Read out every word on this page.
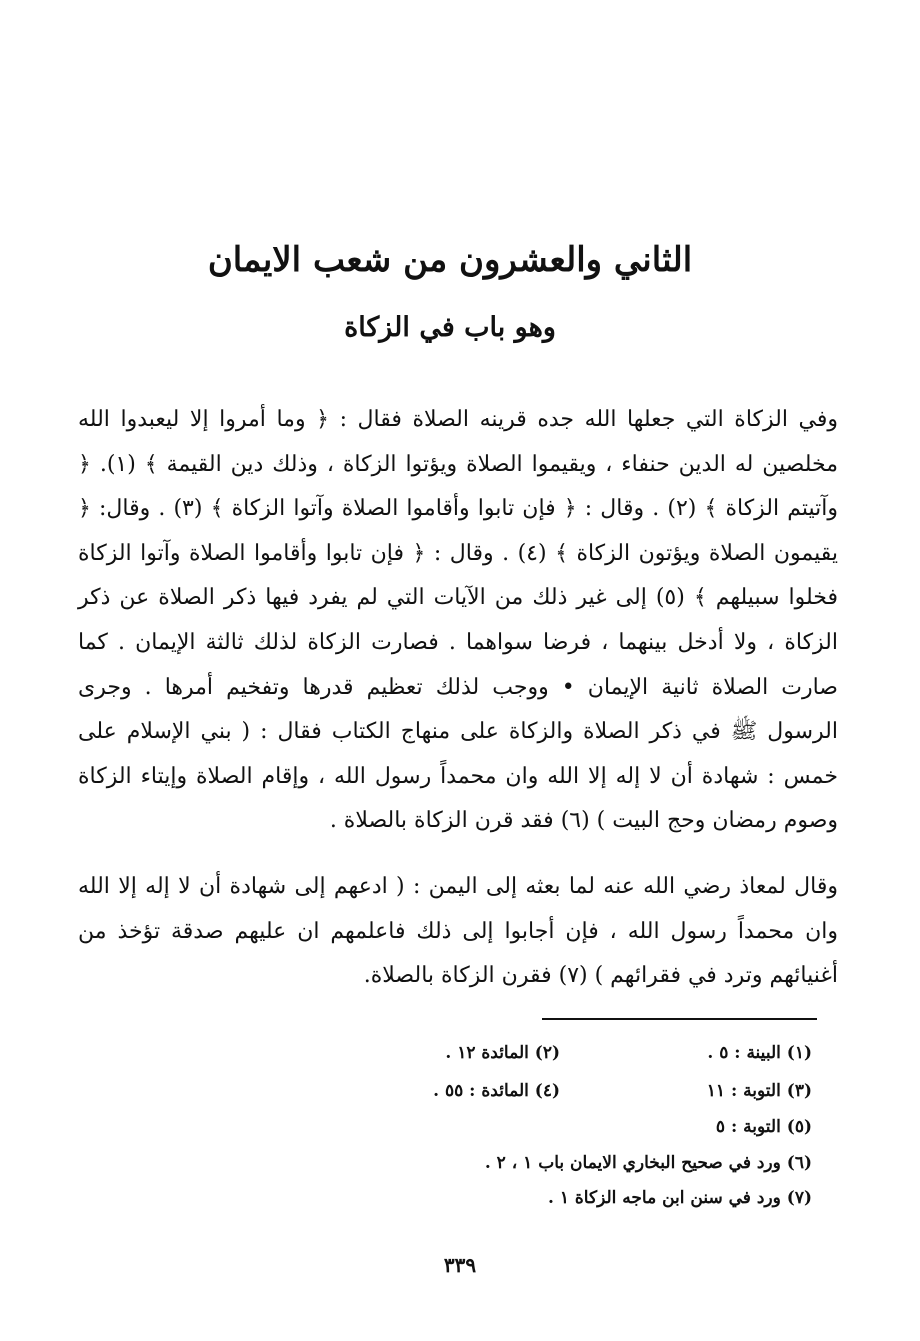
الثاني والعشرون من شعب الايمان
وهو باب في الزكاة

وفي الزكاة التي جعلها الله جده قرينه الصلاة فقال : ﴿ وما أمروا إلا ليعبدوا الله مخلصين له الدين حنفاء ، ويقيموا الصلاة ويؤتوا الزكاة ، وذلك دين القيمة ﴾ (١). ﴿ وآتيتم الزكاة ﴾ (٢) . وقال : ﴿ فإن تابوا وأقاموا الصلاة وآتوا الزكاة ﴾ (٣) . وقال: ﴿ يقيمون الصلاة ويؤتون الزكاة ﴾ (٤) . وقال : ﴿ فإن تابوا وأقاموا الصلاة وآتوا الزكاة فخلوا سبيلهم ﴾ (٥) إلى غير ذلك من الآيات التي لم يفرد فيها ذكر الصلاة عن ذكر الزكاة ، ولا أدخل بينهما ، فرضا سواهما . فصارت الزكاة لذلك ثالثة الإيمان . كما صارت الصلاة ثانية الإيمان • ووجب لذلك تعظيم قدرها وتفخيم أمرها . وجرى الرسول ﷺ في ذكر الصلاة والزكاة على منهاج الكتاب فقال : ( بني الإسلام على خمس : شهادة أن لا إله إلا الله وان محمداً رسول الله ، وإقام الصلاة وإيتاء الزكاة وصوم رمضان وحج البيت ) (٦) فقد قرن الزكاة بالصلاة .

وقال لمعاذ رضي الله عنه لما بعثه إلى اليمن : ( ادعهم إلى شهادة أن لا إله إلا الله وان محمداً رسول الله ، فإن أجابوا إلى ذلك فاعلمهم ان عليهم صدقة تؤخذ من أغنيائهم وترد في فقرائهم ) (٧) فقرن الزكاة بالصلاة.

(١) البينة : ٥ .

(٢) المائدة ١٢ .

(٣) التوبة : ١١

(٤) المائدة : ٥٥ .

(٥) التوبة : ٥

(٦) ورد في صحيح البخاري الايمان باب ١ ، ٢ .

(٧) ورد في سنن ابن ماجه الزكاة ١ .

٣٣٩
